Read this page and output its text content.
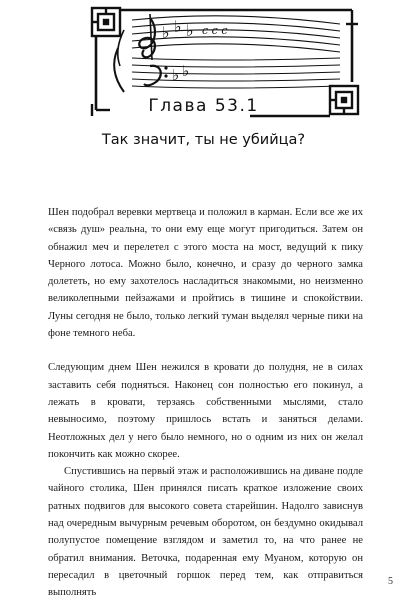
♭ ♭ ♭ c c c
♭ ♭
Глава 53.1
Так значит, ты не убийца?

Шен подобрал веревки мертвеца и положил в карман. Если все же их «связь душ» реальна, то они ему еще могут пригодиться. Затем он обнажил меч и перелетел с этого моста на мост, ведущий к пику Черного лотоса. Можно было, конечно, и сразу до черного замка долететь, но ему захотелось насладиться знакомыми, но неизменно великолепными пейзажами и пройтись в тишине и спокойствии. Луны сегодня не было, только легкий туман выделял черные пики на фоне темного неба.

Следующим днем Шен нежился в кровати до полудня, не в силах заставить себя подняться. Наконец сон полностью его покинул, а лежать в кровати, терзаясь собственными мыслями, стало невыносимо, поэтому пришлось встать и заняться делами. Неотложных дел у него было немного, но о одним из них он желал покончить как можно скорее.

Спустившись на первый этаж и расположившись на диване подле чайного столика, Шен принялся писать краткое изложение своих ратных подвигов для высокого совета старейшин. Надолго зависнув над очередным вычурным речевым оборотом, он бездумно окидывал полупустое помещение взглядом и заметил то, на что ранее не обратил внимания. Веточка, подаренная ему Муаном, которую он пересадил в цветочный горшок перед тем, как отправиться выполнять

5
